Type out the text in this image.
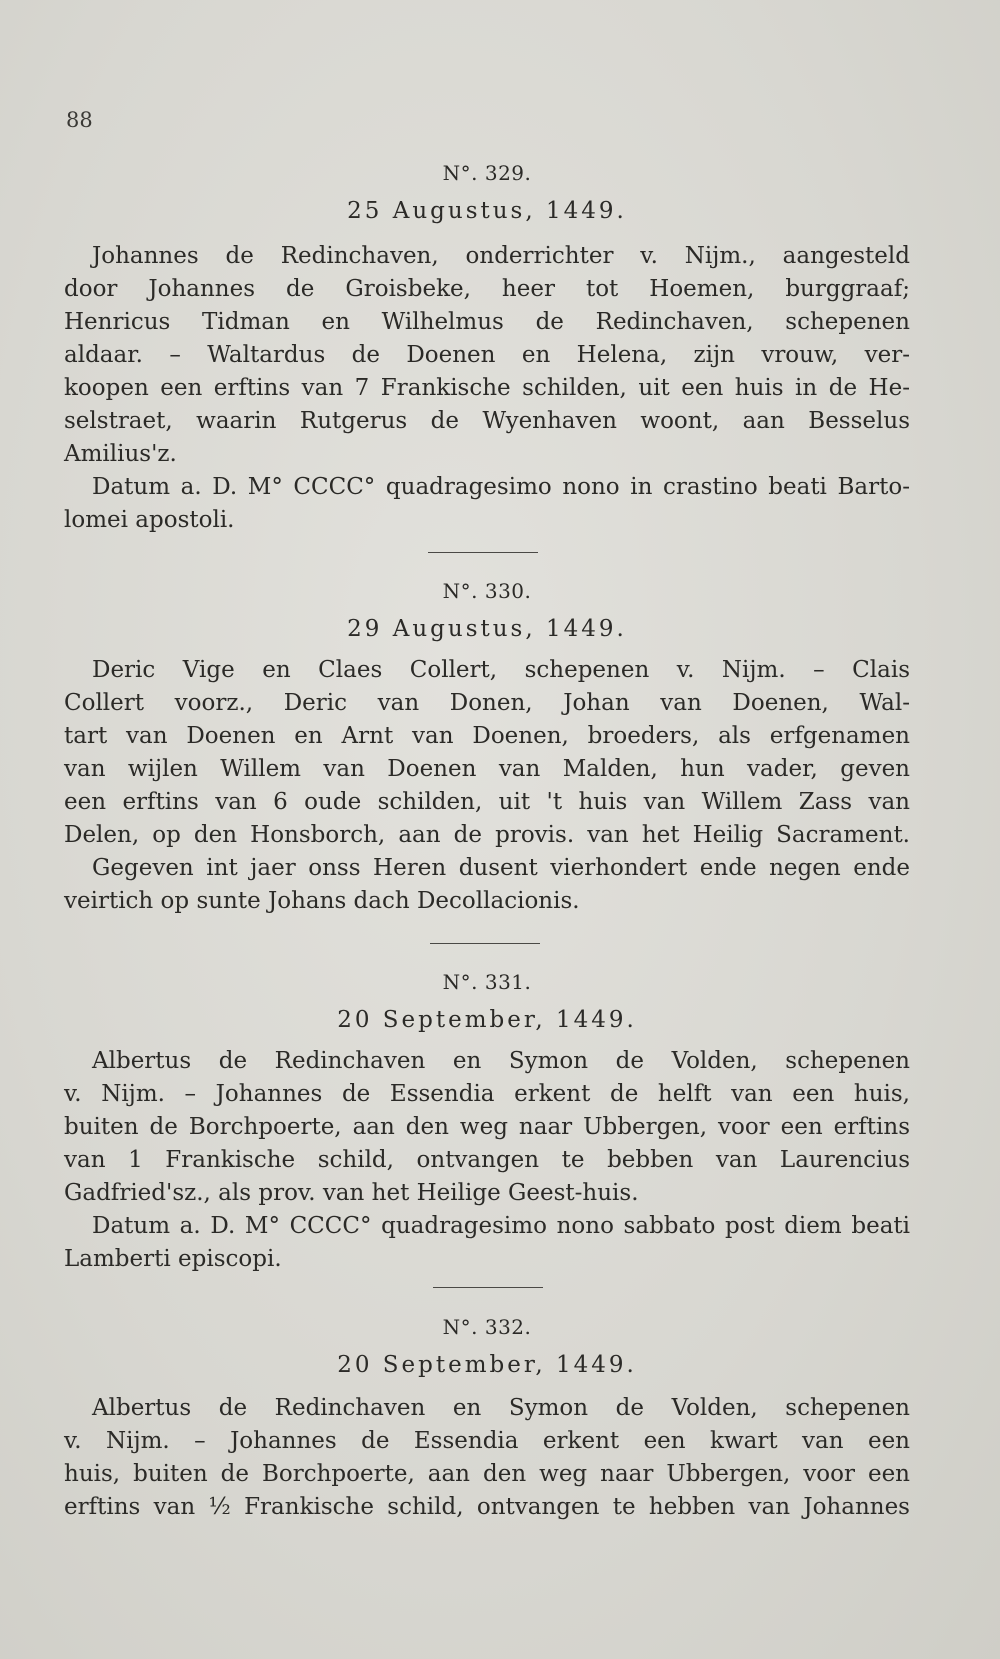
88
N°. 329.
25 Augustus, 1449.
Johannes de Redinchaven, onderrichter v. Nijm., aangesteld
door Johannes de Groisbeke, heer tot Hoemen, burggraaf;
Henricus Tidman en Wilhelmus de Redinchaven, schepenen
aldaar. – Waltardus de Doenen en Helena, zijn vrouw, ver-
koopen een erftins van 7 Frankische schilden, uit een huis in de He-
selstraet, waarin Rutgerus de Wyenhaven woont, aan Besselus
Amilius'z.
Datum a. D. M° CCCC° quadragesimo nono in crastino beati Barto-
lomei apostoli.
N°. 330.
29 Augustus, 1449.
Deric Vige en Claes Collert, schepenen v. Nijm. – Clais
Collert voorz., Deric van Donen, Johan van Doenen, Wal-
tart van Doenen en Arnt van Doenen, broeders, als erfgenamen
van wijlen Willem van Doenen van Malden, hun vader, geven
een erftins van 6 oude schilden, uit 't huis van Willem Zass van
Delen, op den Honsborch, aan de provis. van het Heilig Sacrament.
Gegeven int jaer onss Heren dusent vierhondert ende negen ende
veirtich op sunte Johans dach Decollacionis.
N°. 331.
20 September, 1449.
Albertus de Redinchaven en Symon de Volden, schepenen
v. Nijm. – Johannes de Essendia erkent de helft van een huis,
buiten de Borchpoerte, aan den weg naar Ubbergen, voor een erftins
van 1 Frankische schild, ontvangen te bebben van Laurencius
Gadfried'sz., als prov. van het Heilige Geest-huis.
Datum a. D. M° CCCC° quadragesimo nono sabbato post diem beati
Lamberti episcopi.
N°. 332.
20 September, 1449.
Albertus de Redinchaven en Symon de Volden, schepenen
v. Nijm. – Johannes de Essendia erkent een kwart van een
huis, buiten de Borchpoerte, aan den weg naar Ubbergen, voor een
erftins van ½ Frankische schild, ontvangen te hebben van Johannes
